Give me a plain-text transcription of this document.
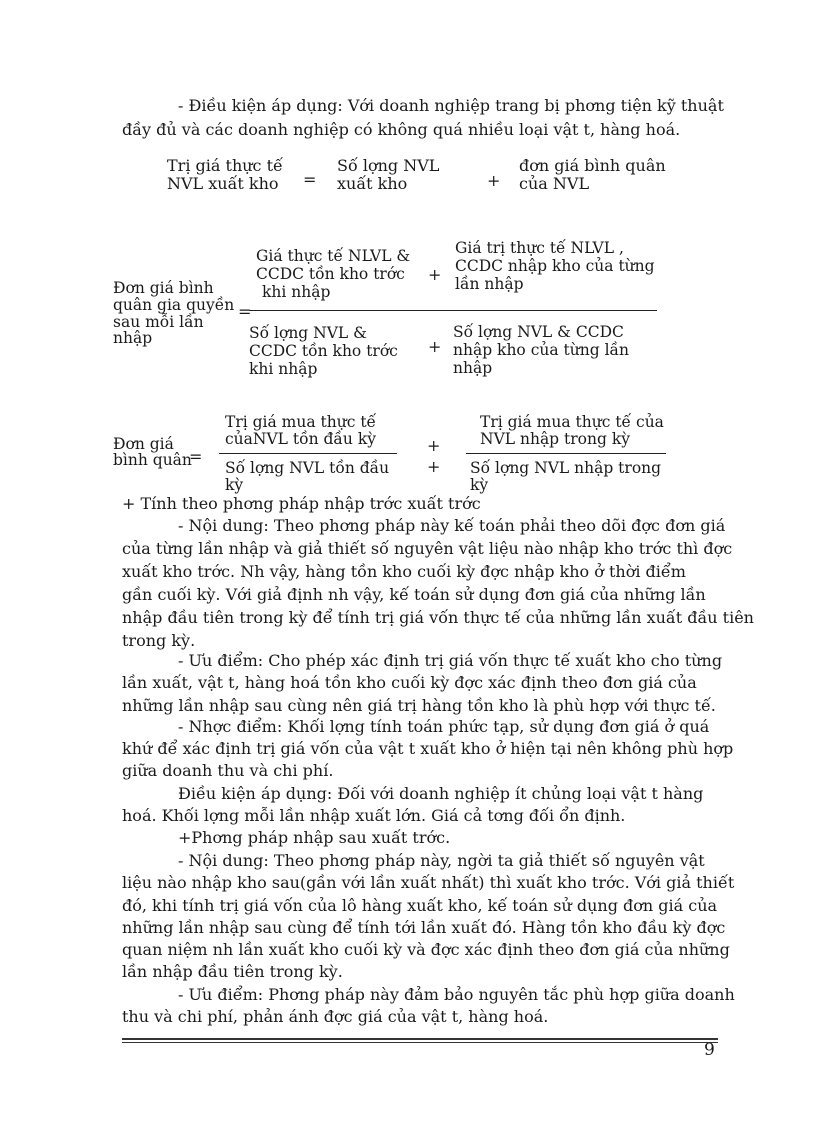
- Điều kiện áp dụng: Với doanh nghiệp trang bị phơng tiện kỹ thuật
đầy đủ và các doanh nghiệp có không quá nhiều loại vật t, hàng hoá.
Trị giá thực tế
NVL xuất kho =
Số lợng NVL
xuất kho	+
đơn giá bình quân
của NVL
Đơn giá bình
quân gia quyền
sau mỗi lần
nhập
=
Giá thực tế NLVL &
CCDC tồn kho trớc
khi nhập
+
Giá trị thực tế NLVL ,
CCDC nhập kho của từng
lần nhập
Số lợng NVL &
CCDC tồn kho trớc
khi nhập
+
Số lợng NVL & CCDC
nhập kho của từng lần
nhập
Đơn giá
bình quân
=
Trị giá mua thực tế
củaNVL tồn đầu kỳ	+
Trị giá mua thực tế của
NVL nhập trong kỳ
Số lợng NVL tồn đầu
kỳ
+ Số lợng NVL nhập trong
kỳ
+ Tính theo phơng pháp nhập trớc xuất trớc
- Nội dung: Theo phơng pháp này kế toán phải theo dõi đợc đơn giá
của từng lần nhập và giả thiết số nguyên vật liệu nào nhập kho trớc thì đợc
xuất kho trớc. Nh vậy, hàng tồn kho cuối kỳ đợc nhập kho ở thời điểm
gần cuối kỳ. Với giả định nh vậy, kế toán sử dụng đơn giá của những lần
nhập đầu tiên trong kỳ để tính trị giá vốn thực tế của những lần xuất đầu tiên
trong kỳ.
- Ưu điểm: Cho phép xác định trị giá vốn thực tế xuất kho cho từng
lần xuất, vật t, hàng hoá tồn kho cuối kỳ đợc xác định theo đơn giá của
những lần nhập sau cùng nên giá trị hàng tồn kho là phù hợp với thực tế.
- Nhợc điểm: Khối lợng tính toán phức tạp, sử dụng đơn giá ở quá
khứ để xác định trị giá vốn của vật t xuất kho ở hiện tại nên không phù hợp
giữa doanh thu và chi phí.
Điều kiện áp dụng: Đối với doanh nghiệp ít chủng loại vật t hàng
hoá. Khối lợng mỗi lần nhập xuất lớn. Giá cả tơng đối ổn định.
+Phơng pháp nhập sau xuất trớc.
- Nội dung: Theo phơng pháp này, ngời ta giả thiết số nguyên vật
liệu nào nhập kho sau(gần với lần xuất nhất) thì xuất kho trớc. Với giả thiết
đó, khi tính trị giá vốn của lô hàng xuất kho, kế toán sử dụng đơn giá của
những lần nhập sau cùng để tính tới lần xuất đó. Hàng tồn kho đầu kỳ đợc
quan niệm nh lần xuất kho cuối kỳ và đợc xác định theo đơn giá của những
lần nhập đầu tiên trong kỳ.
- Ưu điểm: Phơng pháp này đảm bảo nguyên tắc phù hợp giữa doanh
thu và chi phí, phản ánh đợc giá của vật t, hàng hoá.
9
